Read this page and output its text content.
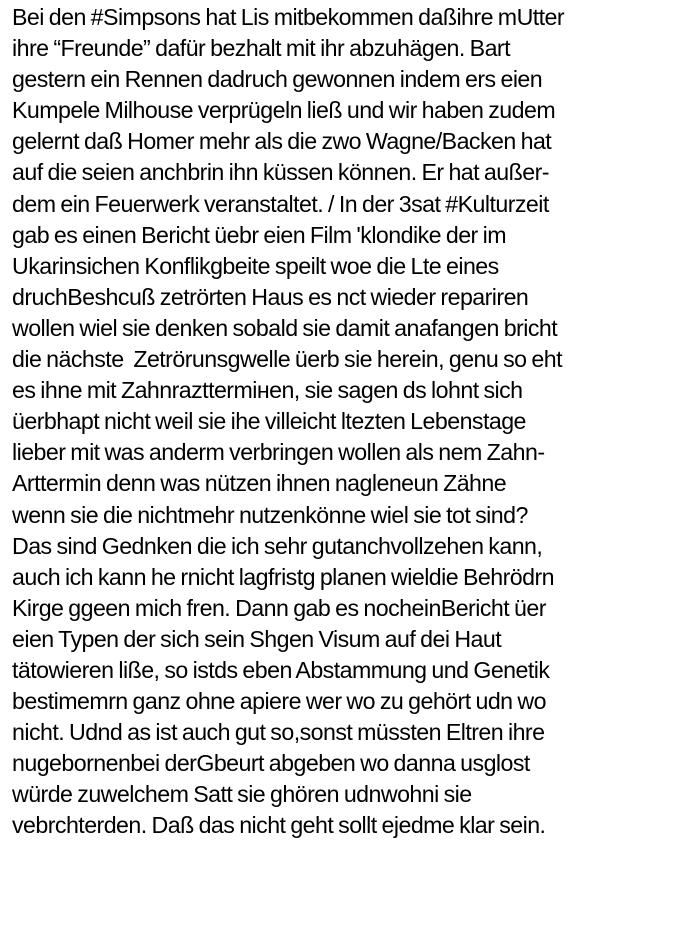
Bei den #Simpsons hat Lis mitbekommen daßihre mUtter
ihre “Freunde” dafür bezhalt mit ihr abzuhägen. Bart
gestern ein Rennen dadruch gewonnen indem ers eien
Kumpele Milhouse verprügeln ließ und wir haben zudem
gelernt daß Homer mehr als die zwo Wagne/Backen hat
auf die seien anchbrin ihn küssen können. Er hat außer-
dem ein Feuerwerk veranstaltet. / In der 3sat #Kulturzeit
gab es einen Bericht üebr eien Film 'klondike der im
Ukarinsichen Konflikgbeite speilt woe die Lte eines
druchBeshcuß zetrörten Haus es nct wieder repariren
wollen wiel sie denken sobald sie damit anafangen bricht
die nächste  Zetrörunsgwelle üerb sie herein, genu so eht
es ihne mit Zahnrazttermінen, sie sagen ds lohnt sich
üerbhapt nicht weil sie ihe villeicht ltezten Lebenstage
lieber mit was anderm verbringen wollen als nem Zahn-
Arttermin denn was nützen ihnen nagleneun Zähne
wenn sie die nichtmehr nutzenkönne wiel sie tot sind?
Das sind Gednken die ich sehr gutanchvollzehen kann,
auch ich kann he rnicht lagfristg planen wieldie Behrödrn
Kirge ggeen mich fren. Dann gab es nocheinBericht üer
eien Typen der sich sein Shgen Visum auf dei Haut
tätowieren liße, so istds eben Abstammung und Genetik
bestimemrn ganz ohne apiere wer wo zu gehört udn wo
nicht. Udnd as ist auch gut so,sonst müssten Eltren ihre
nugebornenbei derGbeurt abgeben wo danna usglost
würde zuwelchem Satt sie ghören udnwohni sie
vebrchterden. Daß das nicht geht sollt ejedme klar sein.
